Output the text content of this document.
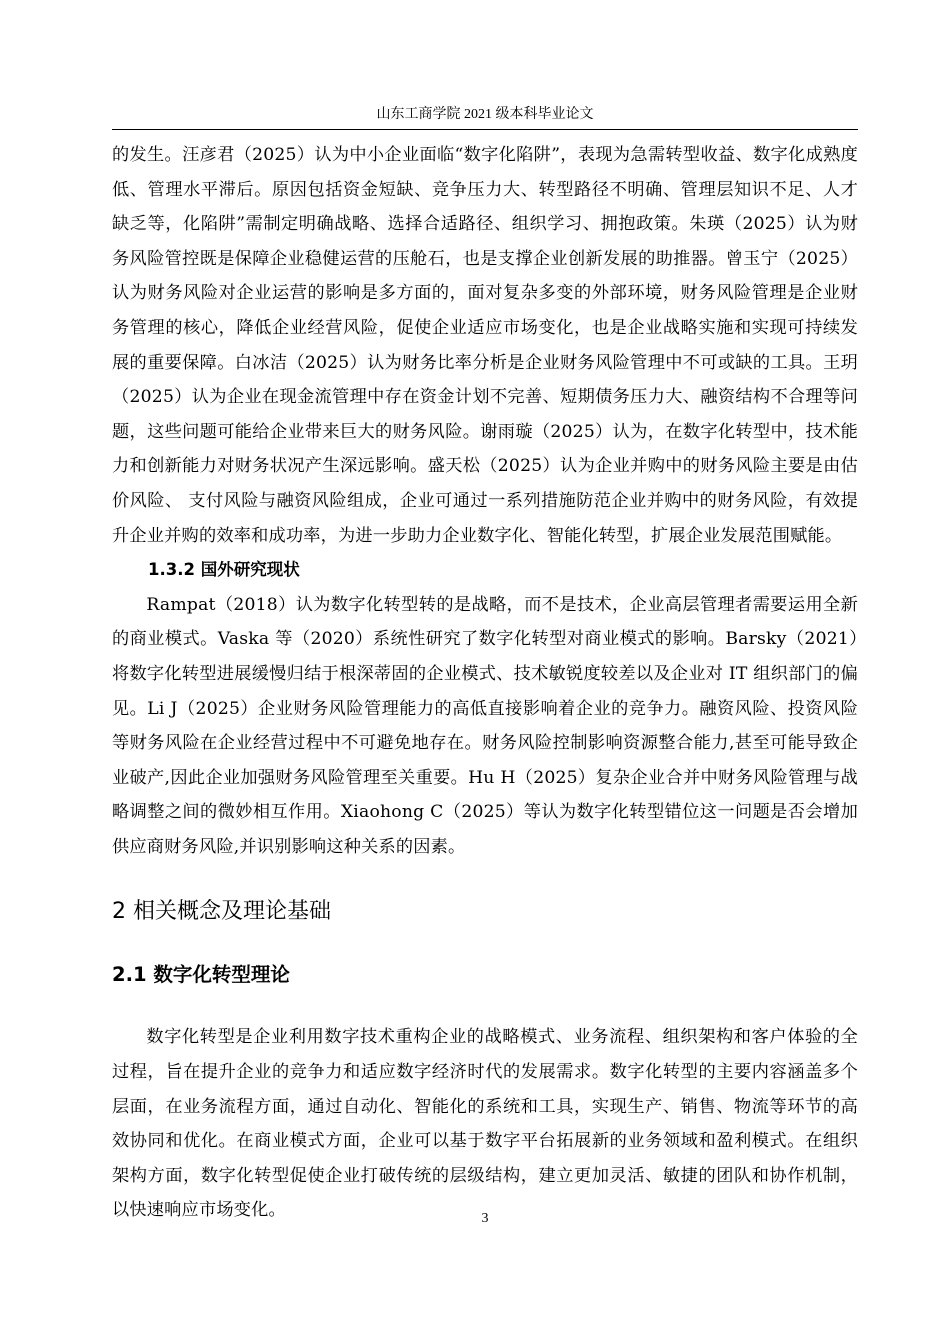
山东工商学院 2021 级本科毕业论文

的发生。汪彦君（2025）认为中小企业面临“数字化陷阱”，表现为急需转型收益、数字化成熟度低、管理水平滞后。原因包括资金短缺、竞争压力大、转型路径不明确、管理层知识不足、人才缺乏等，化陷阱”需制定明确战略、选择合适路径、组织学习、拥抱政策。朱瑛（2025）认为财务风险管控既是保障企业稳健运营的压舱石，也是支撑企业创新发展的助推器。曾玉宁（2025）认为财务风险对企业运营的影响是多方面的，面对复杂多变的外部环境，财务风险管理是企业财务管理的核心，降低企业经营风险，促使企业适应市场变化，也是企业战略实施和实现可持续发展的重要保障。白冰洁（2025）认为财务比率分析是企业财务风险管理中不可或缺的工具。王玥（2025）认为企业在现金流管理中存在资金计划不完善、短期债务压力大、融资结构不合理等问题，这些问题可能给企业带来巨大的财务风险。谢雨璇（2025）认为，在数字化转型中，技术能力和创新能力对财务状况产生深远影响。盛天松（2025）认为企业并购中的财务风险主要是由估价风险、 支付风险与融资风险组成，企业可通过一系列措施防范企业并购中的财务风险，有效提升企业并购的效率和成功率，为进一步助力企业数字化、智能化转型，扩展企业发展范围赋能。

1.3.2 国外研究现状

Rampat（2018）认为数字化转型转的是战略，而不是技术，企业高层管理者需要运用全新的商业模式。Vaska 等（2020）系统性研究了数字化转型对商业模式的影响。Barsky（2021）将数字化转型进展缓慢归结于根深蒂固的企业模式、技术敏锐度较差以及企业对 IT 组织部门的偏见。Li J（2025）企业财务风险管理能力的高低直接影响着企业的竞争力。融资风险、投资风险等财务风险在企业经营过程中不可避免地存在。财务风险控制影响资源整合能力,甚至可能导致企业破产,因此企业加强财务风险管理至关重要。Hu H（2025）复杂企业合并中财务风险管理与战略调整之间的微妙相互作用。Xiaohong C（2025）等认为数字化转型错位这一问题是否会增加供应商财务风险,并识别影响这种关系的因素。

2 相关概念及理论基础
2.1 数字化转型理论

数字化转型是企业利用数字技术重构企业的战略模式、业务流程、组织架构和客户体验的全过程，旨在提升企业的竞争力和适应数字经济时代的发展需求。数字化转型的主要内容涵盖多个层面，在业务流程方面，通过自动化、智能化的系统和工具，实现生产、销售、物流等环节的高效协同和优化。在商业模式方面，企业可以基于数字平台拓展新的业务领域和盈利模式。在组织架构方面，数字化转型促使企业打破传统的层级结构，建立更加灵活、敏捷的团队和协作机制，以快速响应市场变化。	3
